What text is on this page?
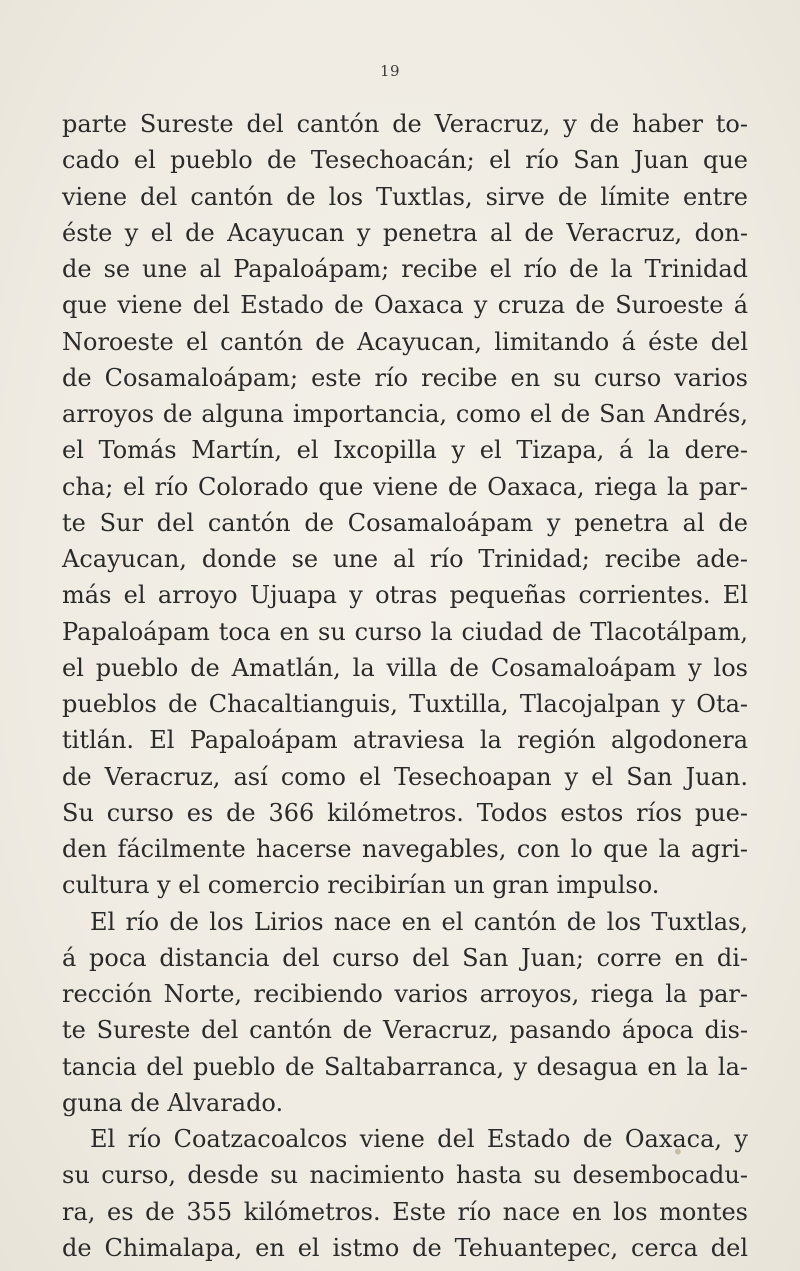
19
parte Sureste del cantón de Veracruz, y de haber to-
cado el pueblo de Tesechoacán; el río San Juan que
viene del cantón de los Tuxtlas, sirve de límite entre
éste y el de Acayucan y penetra al de Veracruz, don-
de se une al Papaloápam; recibe el río de la Trinidad
que viene del Estado de Oaxaca y cruza de Suroeste á
Noroeste el cantón de Acayucan, limitando á éste del
de Cosamaloápam; este río recibe en su curso varios
arroyos de alguna importancia, como el de San Andrés,
el Tomás Martín, el Ixcopilla y el Tizapa, á la dere-
cha; el río Colorado que viene de Oaxaca, riega la par-
te Sur del cantón de Cosamaloápam y penetra al de
Acayucan, donde se une al río Trinidad; recibe ade-
más el arroyo Ujuapa y otras pequeñas corrientes. El
Papaloápam toca en su curso la ciudad de Tlacotálpam,
el pueblo de Amatlán, la villa de Cosamaloápam y los
pueblos de Chacaltianguis, Tuxtilla, Tlacojalpan y Ota-
titlán. El Papaloápam atraviesa la región algodonera
de Veracruz, así como el Tesechoapan y el San Juan.
Su curso es de 366 kilómetros. Todos estos ríos pue-
den fácilmente hacerse navegables, con lo que la agri-
cultura y el comercio recibirían un gran impulso.
El río de los Lirios nace en el cantón de los Tuxtlas,
á poca distancia del curso del San Juan; corre en di-
rección Norte, recibiendo varios arroyos, riega la par-
te Sureste del cantón de Veracruz, pasando ápoca dis-
tancia del pueblo de Saltabarranca, y desagua en la la-
guna de Alvarado.
El río Coatzacoalcos viene del Estado de Oaxaca, y
su curso, desde su nacimiento hasta su desembocadu-
ra, es de 355 kilómetros. Este río nace en los montes
de Chimalapa, en el istmo de Tehuantepec, cerca del
•
